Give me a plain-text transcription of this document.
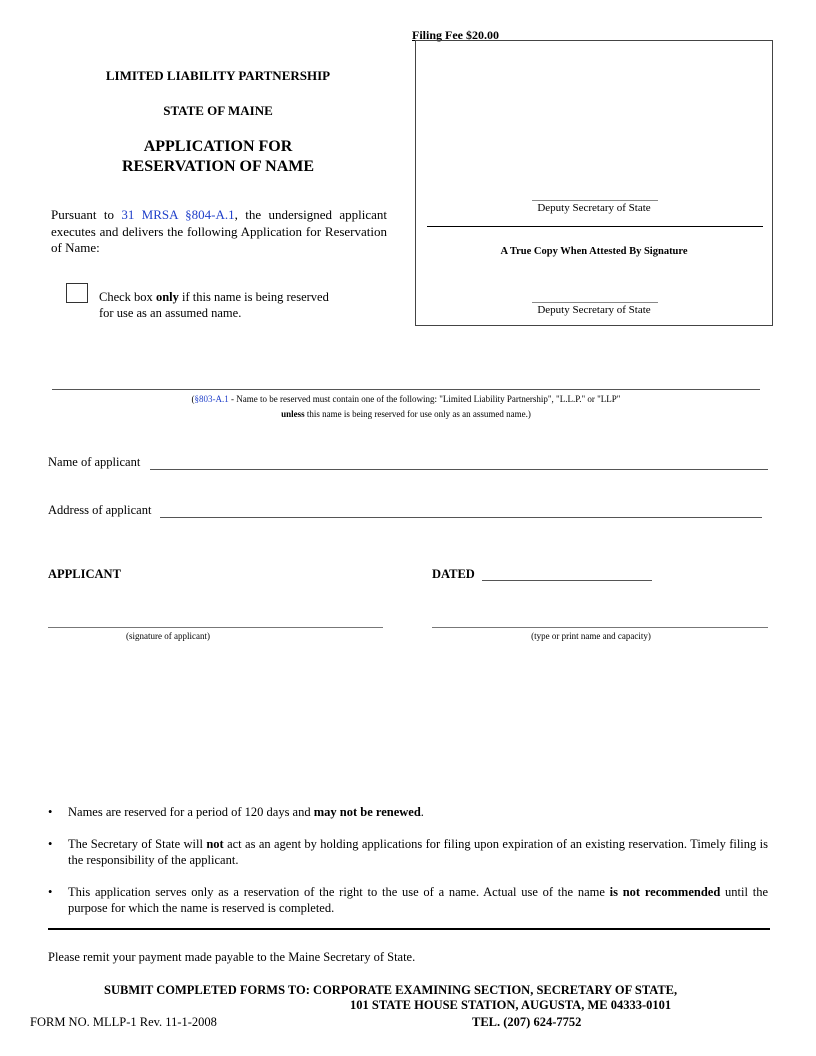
Filing Fee $20.00
Deputy Secretary of State
A True Copy When Attested By Signature
Deputy Secretary of State
LIMITED LIABILITY PARTNERSHIP
STATE OF MAINE
APPLICATION FOR
RESERVATION OF NAME
Pursuant to 31 MRSA §804-A.1, the undersigned applicant executes and delivers the following Application for Reservation of Name:
Check box only if this name is being reserved
for use as an assumed name.
(§803-A.1 - Name to be reserved must contain one of the following: "Limited Liability Partnership", "L.L.P." or "LLP"
unless this name is being reserved for use only as an assumed name.)
Name of applicant
Address of applicant
APPLICANT	DATED
(signature of applicant)	(type or print name and capacity)
•	Names are reserved for a period of 120 days and may not be renewed.
•	The Secretary of State will not act as an agent by holding applications for filing upon expiration of an existing reservation. Timely filing is the responsibility of the applicant.
•	This application serves only as a reservation of the right to the use of a name. Actual use of the name is not recommended until the purpose for which the name is reserved is completed.
Please remit your payment made payable to the Maine Secretary of State.
SUBMIT COMPLETED FORMS TO: CORPORATE EXAMINING SECTION, SECRETARY OF STATE,
101 STATE HOUSE STATION, AUGUSTA, ME 04333-0101
FORM NO. MLLP-1 Rev. 11-1-2008	TEL. (207) 624-7752
